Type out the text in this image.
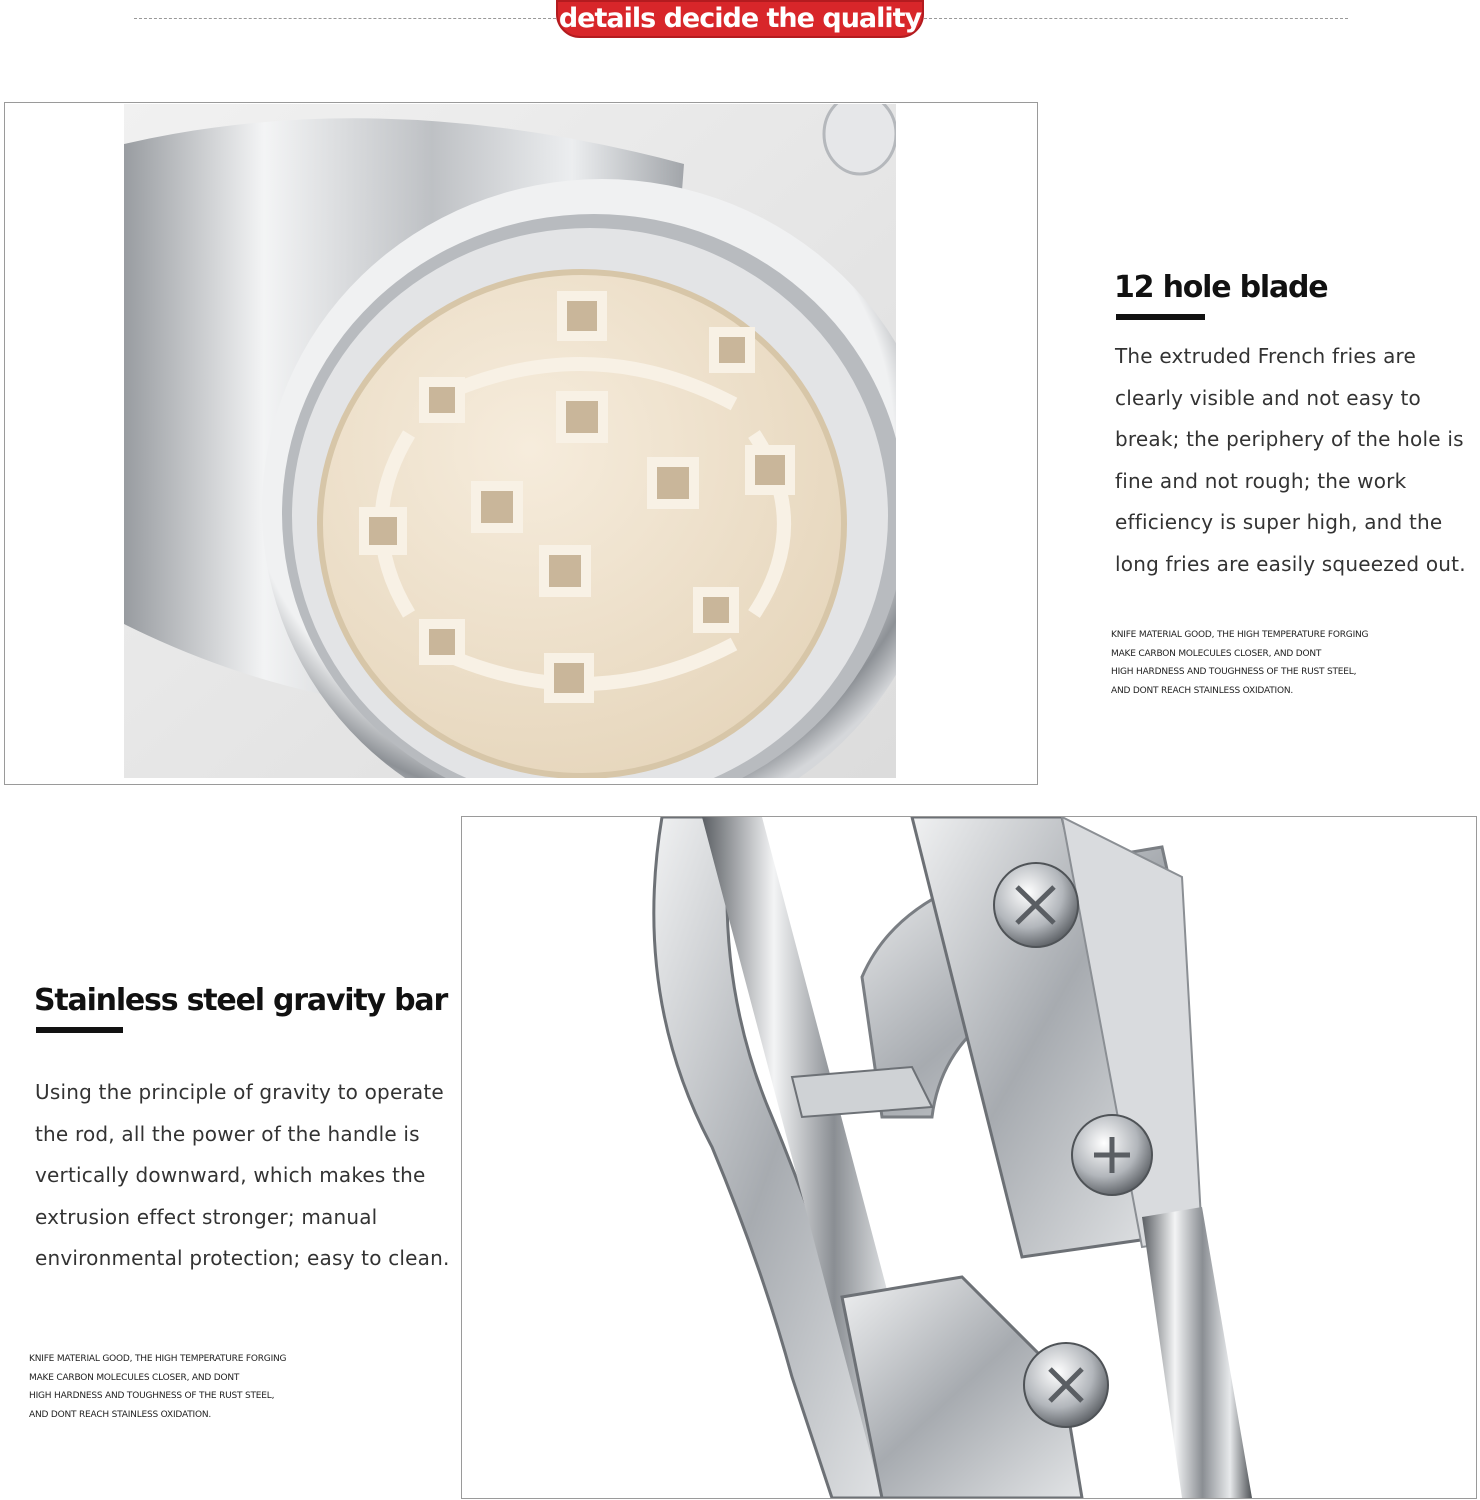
details decide the quality
12 hole blade
The extruded French fries are clearly visible and not easy to break; the periphery of the hole is fine and not rough; the work efficiency is super high, and the long fries are easily squeezed out.
KNIFE MATERIAL GOOD, THE HIGH TEMPERATURE FORGING
MAKE CARBON MOLECULES CLOSER, AND DONT
HIGH HARDNESS AND TOUGHNESS OF THE RUST STEEL,
AND DONT REACH STAINLESS OXIDATION.
Stainless steel gravity bar
Using the principle of gravity to operate the rod, all the power of the handle is vertically downward, which makes the extrusion effect stronger; manual environmental protection; easy to clean.
KNIFE MATERIAL GOOD, THE HIGH TEMPERATURE FORGING
MAKE CARBON MOLECULES CLOSER, AND DONT
HIGH HARDNESS AND TOUGHNESS OF THE RUST STEEL,
AND DONT REACH STAINLESS OXIDATION.
